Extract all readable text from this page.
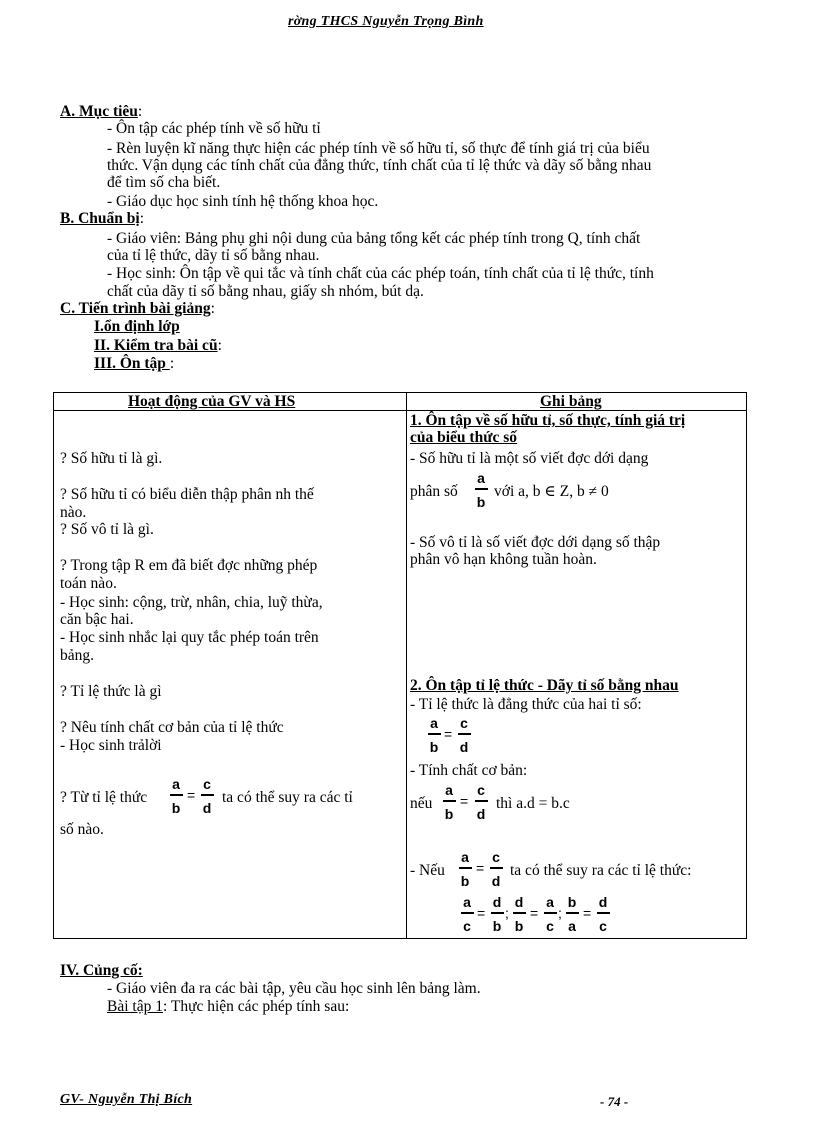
rờng THCS Nguyễn Trọng Bình
A. Mục tiêu:
- Ôn tập các phép tính về số hữu tỉ
- Rèn luyện kĩ năng thực hiện các phép tính về số hữu tỉ, số thực để tính giá trị của biểu
thức. Vận dụng các tính chất của đẳng thức, tính chất của tỉ lệ thức và dãy số bằng nhau
để tìm số cha biết.
- Giáo dục học sinh tính hệ thống khoa học.
B. Chuẩn bị:
- Giáo viên: Bảng phụ ghi nội dung của bảng tổng kết các phép tính trong Q, tính chất
của tỉ lệ thức, dãy tỉ số bằng nhau.
- Học sinh: Ôn tập về qui tắc và tính chất của các phép toán, tính chất của tỉ lệ thức, tính
chất của dãy tỉ số bằng nhau, giấy sh nhóm, bút dạ.
C. Tiến trình bài giảng:
I.ổn định lớp
II. Kiểm tra bài cũ:
III. Ôn tập :
Hoạt động của GV và HS	Ghi bảng
? Số hữu tỉ là gì.
? Số hữu tỉ có biểu diễn thập phân nh thế
nào.
? Số vô tỉ là gì.
? Trong tập R em đã biết đợc những phép
toán nào.
- Học sinh: cộng, trừ, nhân, chia, luỹ thừa,
căn bậc hai.
- Học sinh nhắc lại quy tắc phép toán trên
bảng.
? Tỉ lệ thức là gì
? Nêu tính chất cơ bản của tỉ lệ thức
- Học sinh trảlời
? Từ tỉ lệ thức
a
b
=
c
d
ta có thể suy ra các tỉ
số nào.
1. Ôn tập về số hữu tỉ, số thực, tính giá trị
của biểu thức số
- Số hữu tỉ là một số viết đợc dới dạng
phân số
a
b
với a, b ∈ Z, b ≠ 0
- Số vô tỉ là số viết đợc dới dạng số thập
phân vô hạn không tuần hoàn.
2. Ôn tập tỉ lệ thức - Dãy tỉ số bằng nhau
- Tỉ lệ thức là đẳng thức của hai tỉ số:
a
b
=
c
d
- Tính chất cơ bản:
nếu
a
b
=
c
d
thì a.d = b.c
- Nếu
a
b
=
c
d
ta có thể suy ra các tỉ lệ thức:
a
c
=
d
b
;
d
b
=
a
c
;
b
a
=
d
c
IV. Củng cố:
- Giáo viên đa ra các bài tập, yêu cầu học sinh lên bảng làm.
Bài tập 1: Thực hiện các phép tính sau:
GV- Nguyễn Thị Bích	- 74 -
